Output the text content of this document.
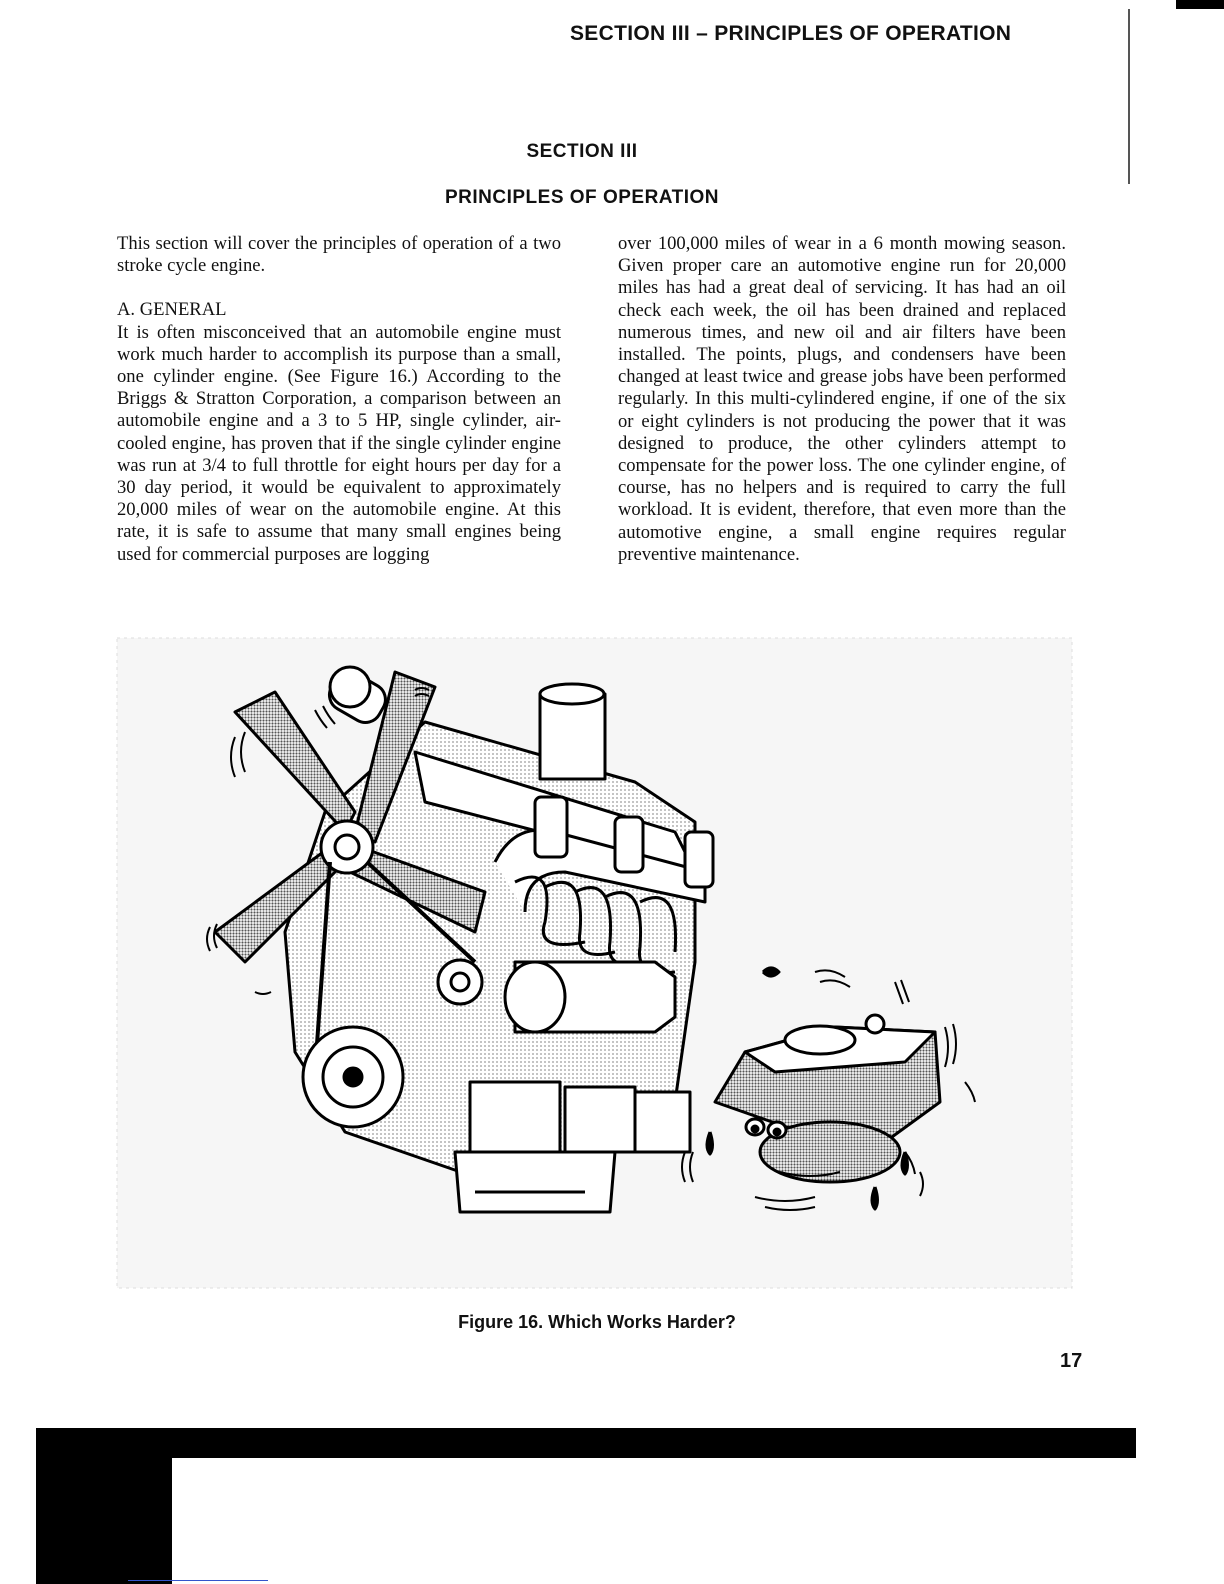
SECTION III – PRINCIPLES OF OPERATION
SECTION III
PRINCIPLES OF OPERATION

This section will cover the principles of operation of a two stroke cycle engine.

A. GENERAL

It is often misconceived that an automobile engine must work much harder to accomplish its purpose than a small, one cylinder engine. (See Figure 16.) According to the Briggs & Stratton Corporation, a comparison between an automobile engine and a 3 to 5 HP, single cylinder, air-cooled engine, has proven that if the single cylinder engine was run at 3/4 to full throttle for eight hours per day for a 30 day period, it would be equivalent to approximately 20,000 miles of wear on the automobile engine. At this rate, it is safe to assume that many small engines being used for commercial purposes are logging

over 100,000 miles of wear in a 6 month mowing season. Given proper care an automotive engine run for 20,000 miles has had a great deal of servicing. It has had an oil check each week, the oil has been drained and replaced numerous times, and new oil and air filters have been installed. The points, plugs, and condensers have been changed at least twice and grease jobs have been performed regularly. In this multi-cylindered engine, if one of the six or eight cylinders is not producing the power that it was designed to produce, the other cylinders attempt to compensate for the power loss. The one cylinder engine, of course, has no helpers and is required to carry the full workload. It is evident, therefore, that even more than the automotive engine, a small engine requires regular preventive maintenance.

Figure 16. Which Works Harder?
17
